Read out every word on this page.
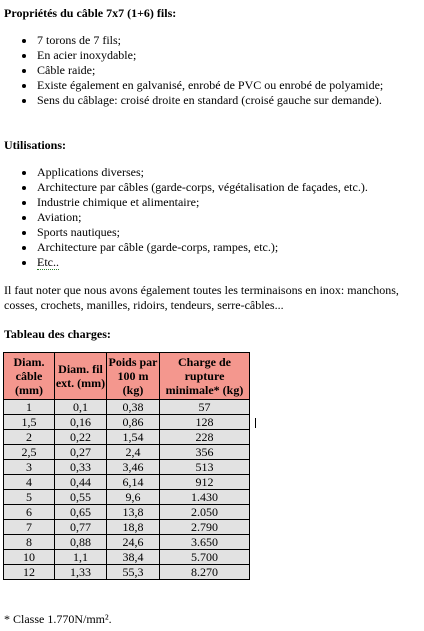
Propriétés du câble 7x7 (1+6) fils:

7 torons de 7 fils;
En acier inoxydable;
Câble raide;
Existe également en galvanisé, enrobé de PVC ou enrobé de polyamide;
Sens du câblage: croisé droite en standard (croisé gauche sur demande).

Utilisations:

Applications diverses;
Architecture par câbles (garde-corps, végétalisation de façades, etc.).
Industrie chimique et alimentaire;
Aviation;
Sports nautiques;
Architecture par câble (garde-corps, rampes, etc.);
Etc..

Il faut noter que nous avons également toutes les terminaisons en inox: manchons, cosses, crochets, manilles, ridoirs, tendeurs, serre-câbles...

Tableau des charges:

Diam. câble (mm)	Diam. fil ext. (mm)	Poids par 100 m (kg)	Charge de rupture minimale* (kg)
1	0,1	0,38	57
1,5	0,16	0,86	128
2	0,22	1,54	228
2,5	0,27	2,4	356
3	0,33	3,46	513
4	0,44	6,14	912
5	0,55	9,6	1.430
6	0,65	13,8	2.050
7	0,77	18,8	2.790
8	0,88	24,6	3.650
10	1,1	38,4	5.700
12	1,33	55,3	8.270

* Classe 1.770N/mm².
